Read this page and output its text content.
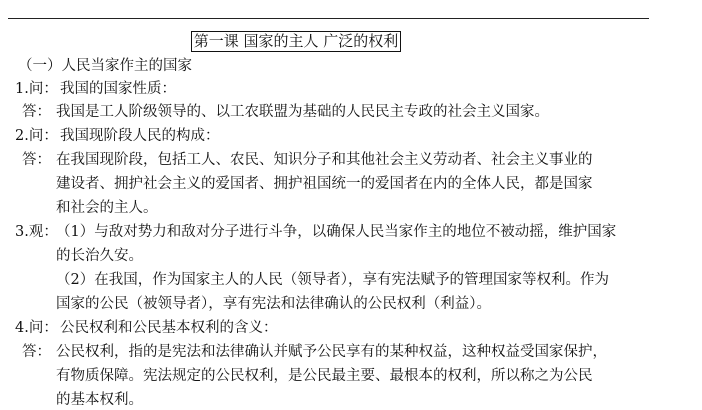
第一课 国家的主人 广泛的权利
（一）人民当家作主的国家
1.问： 我国的国家性质：
答： 我国是工人阶级领导的、以工农联盟为基础的人民民主专政的社会主义国家。
2.问： 我国现阶段人民的构成：
答： 在我国现阶段，包括工人、农民、知识分子和其他社会主义劳动者、社会主义事业的
建设者、拥护社会主义的爱国者、拥护祖国统一的爱国者在内的全体人民，都是国家
和社会的主人。
3.观：
（1）与敌对势力和敌对分子进行斗争，以确保人民当家作主的地位不被动摇，维护国家
的长治久安。
（2）在我国，作为国家主人的人民（领导者），享有宪法赋予的管理国家等权利。作为
国家的公民（被领导者），享有宪法和法律确认的公民权利（利益）。
4.问： 公民权利和公民基本权利的含义：
答： 公民权利，指的是宪法和法律确认并赋予公民享有的某种权益，这种权益受国家保护，
有物质保障。宪法规定的公民权利，是公民最主要、最根本的权利，所以称之为公民
的基本权利。
